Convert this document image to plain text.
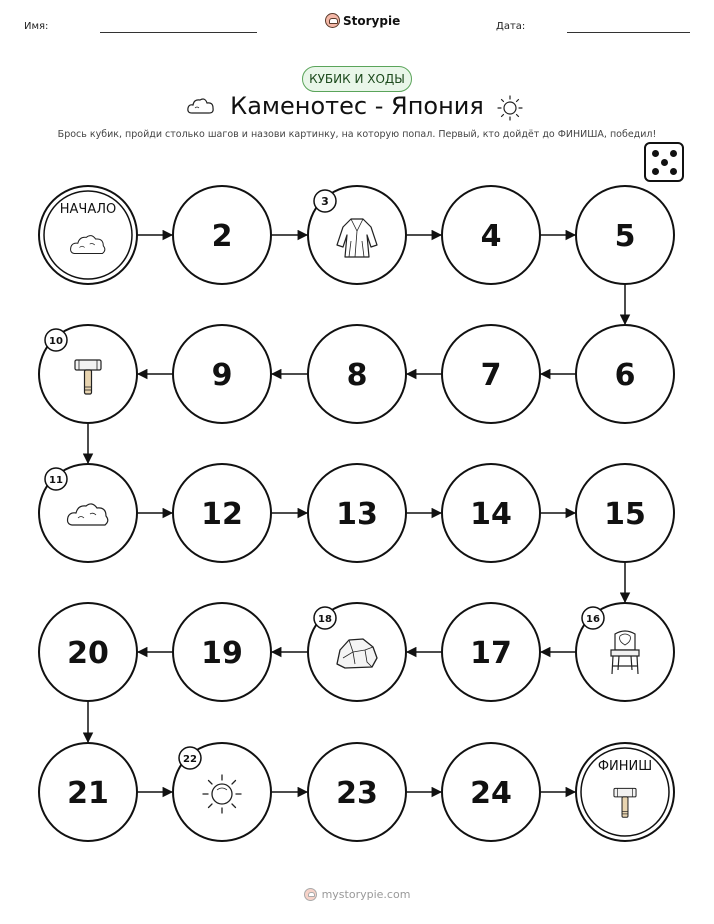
Имя:	Storypie	Дата:
КУБИК И ХОДЫ
Каменотес - Япония
Брось кубик, пройди столько шагов и назови картинку, на которую попал. Первый, кто дойдёт до ФИНИША, победил!
НАЧАЛО
2
3
4	5
6
7
8
9
10
11
12	13	14	15
16
17
18
19
20
21
22
23	24
ФИНИШ
mystorypie.com
